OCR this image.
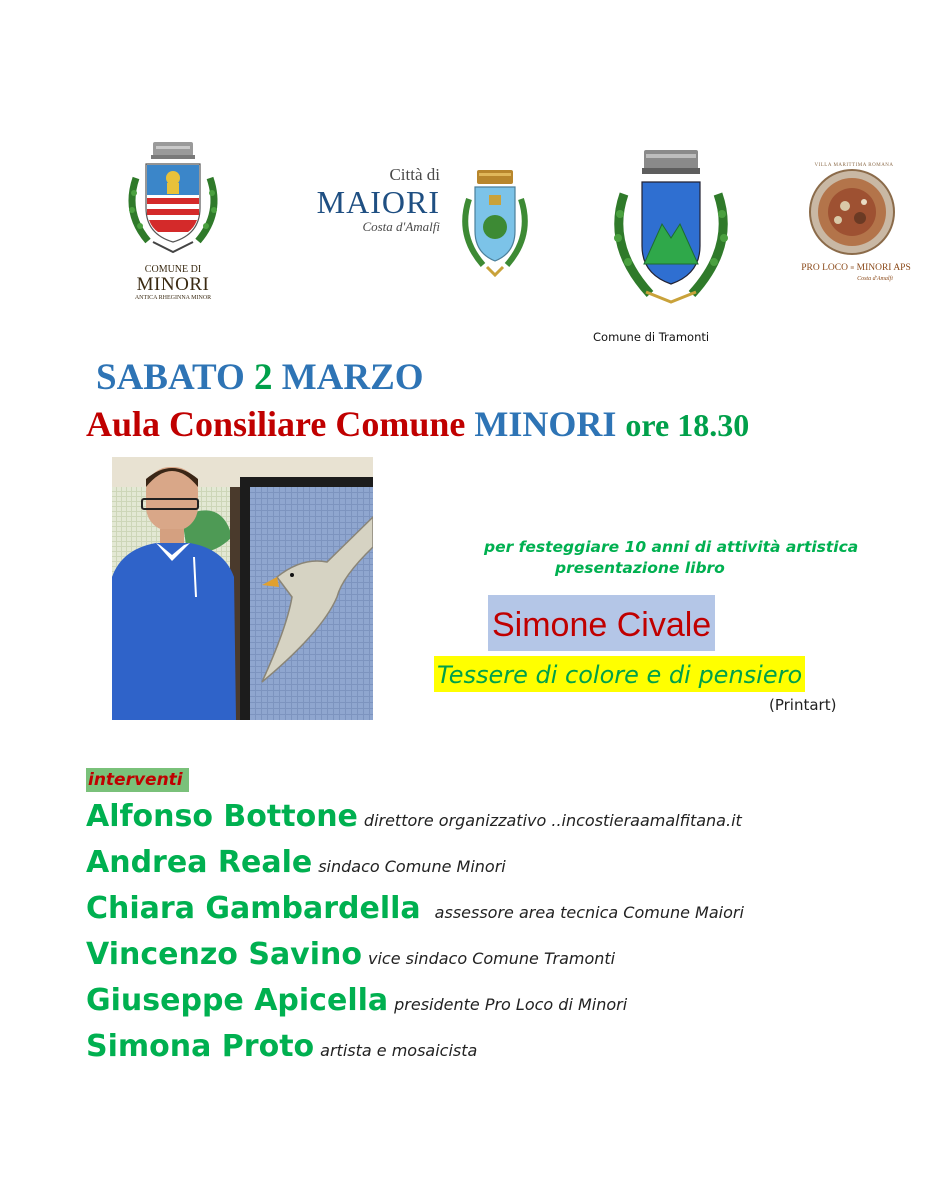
COMUNE DI
MINORI
ANTICA RHEGINNA MINOR
Città di
MAIORI
Costa d'Amalfi
Comune di Tramonti
VILLA MARITTIMA ROMANA
PRO LOCO ≡ MINORI APS
Costa d'Amalfi
SABATO 2 MARZO
Aula Consiliare Comune MINORI ore 18.30
per festeggiare 10 anni di attività artistica
presentazione libro
Simone Civale
Tessere di colore e di pensiero
(Printart)
interventi
Alfonso Bottone direttore organizzativo ..incostieraamalfitana.it
Andrea Reale sindaco Comune Minori
Chiara Gambardella assessore area tecnica Comune Maiori
Vincenzo Savino vice sindaco Comune Tramonti
Giuseppe Apicella presidente Pro Loco di Minori
Simona Proto artista e mosaicista
